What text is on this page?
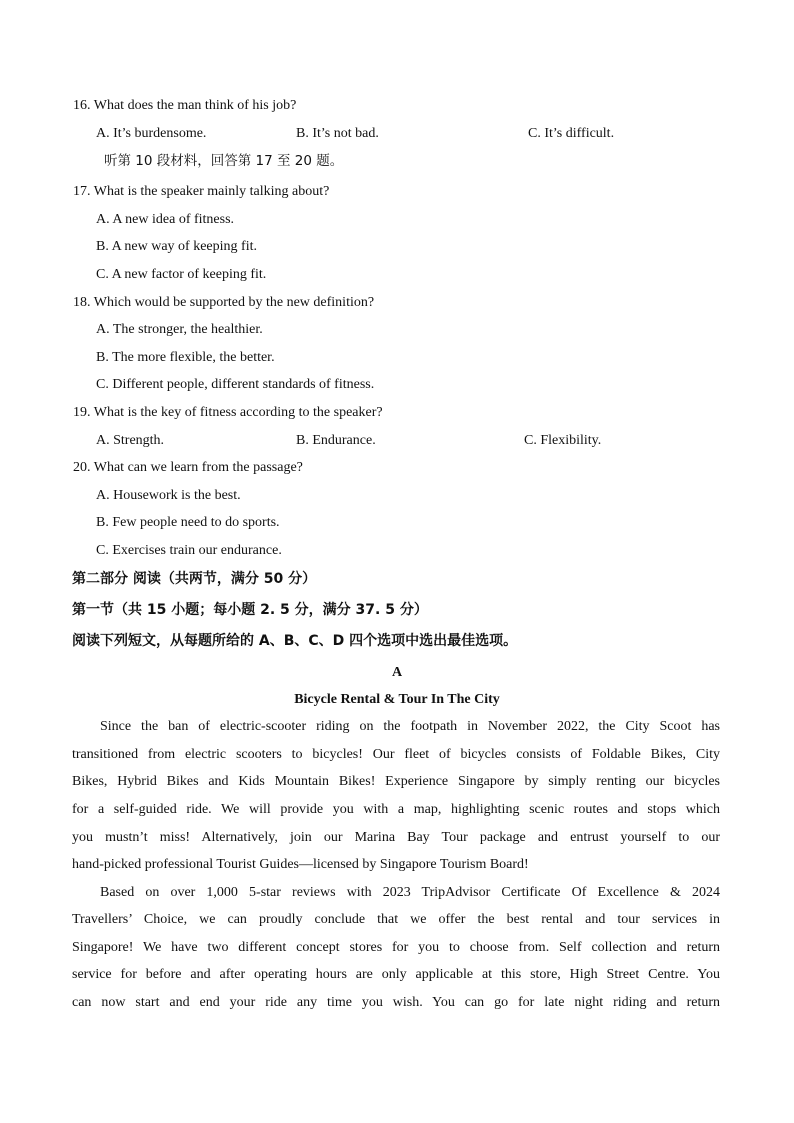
16. What does the man think of his job?
A. It’s burdensome.	B. It’s not bad.	C. It’s difficult.
听第 10 段材料，回答第 17 至 20 题。
17. What is the speaker mainly talking about?
A. A new idea of fitness.
B. A new way of keeping fit.
C. A new factor of keeping fit.
18. Which would be supported by the new definition?
A. The stronger, the healthier.
B. The more flexible, the better.
C. Different people, different standards of fitness.
19. What is the key of fitness according to the speaker?
A. Strength.	B. Endurance.	C. Flexibility.
20. What can we learn from the passage?
A. Housework is the best.
B. Few people need to do sports.
C. Exercises train our endurance.
第二部分 阅读（共两节，满分 50 分）
第一节（共 15 小题；每小题 2. 5 分，满分 37. 5 分）
阅读下列短文，从每题所给的 A、B、C、D 四个选项中选出最佳选项。
A
Bicycle Rental & Tour In The City
Since the ban of electric-scooter riding on the footpath in November 2022, the City Scoot has
transitioned from electric scooters to bicycles! Our fleet of bicycles consists of Foldable Bikes, City
Bikes, Hybrid Bikes and Kids Mountain Bikes! Experience Singapore by simply renting our bicycles
for a self-guided ride. We will provide you with a map, highlighting scenic routes and stops which
you mustn’t miss! Alternatively, join our Marina Bay Tour package and entrust yourself to our
hand-picked professional Tourist Guides—licensed by Singapore Tourism Board!
Based on over 1,000 5-star reviews with 2023 TripAdvisor Certificate Of Excellence & 2024
Travellers’ Choice, we can proudly conclude that we offer the best rental and tour services in
Singapore! We have two different concept stores for you to choose from. Self collection and return
service for before and after operating hours are only applicable at this store, High Street Centre. You
can now start and end your ride any time you wish. You can go for late night riding and return
